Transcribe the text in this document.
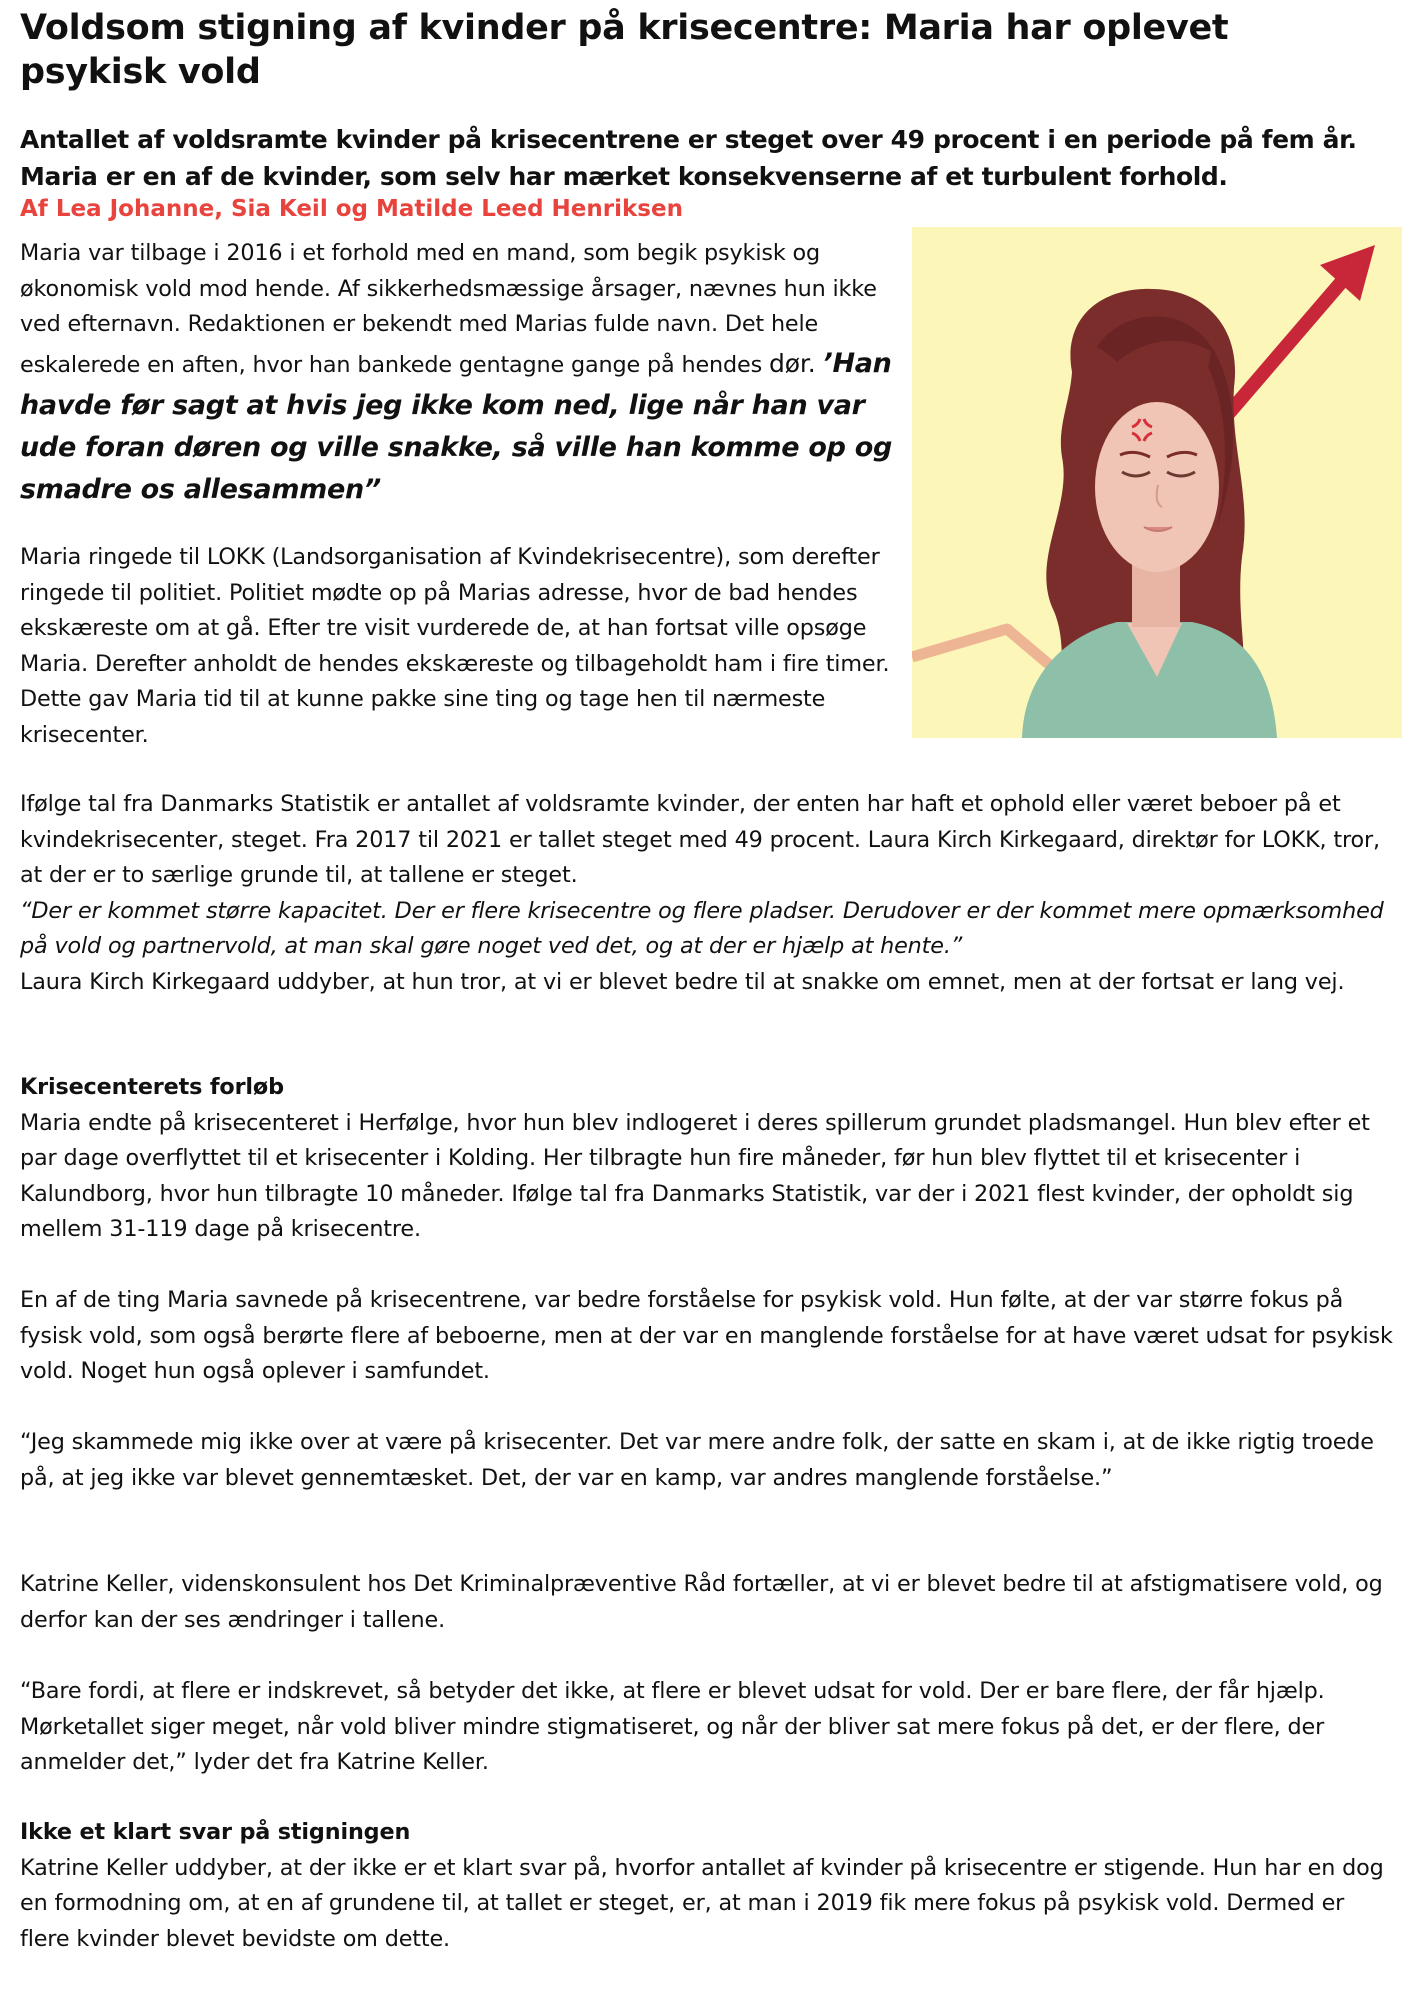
Voldsom stigning af kvinder på krisecentre: Maria har oplevet psykisk vold

Antallet af voldsramte kvinder på krisecentrene er steget over 49 procent i en periode på fem år. Maria er en af de kvinder, som selv har mærket konsekvenserne af et turbulent forhold.

Af Lea Johanne, Sia Keil og Matilde Leed Henriksen

Maria var tilbage i 2016 i et forhold med en mand, som begik psykisk og økonomisk vold mod hende. Af sikkerhedsmæssige årsager, nævnes hun ikke ved efternavn. Redaktionen er bekendt med Marias fulde navn. Det hele eskalerede en aften, hvor han bankede gentagne gange på hendes dør. ’Han havde før sagt at hvis jeg ikke kom ned, lige når han var ude foran døren og ville snakke, så ville han komme op og smadre os allesammen”

Maria ringede til LOKK (Landsorganisation af Kvindekrisecentre), som derefter ringede til politiet. Politiet mødte op på Marias adresse, hvor de bad hendes ekskæreste om at gå. Efter tre visit vurderede de, at han fortsat ville opsøge Maria. Derefter anholdt de hendes ekskæreste og tilbageholdt ham i fire timer. Dette gav Maria tid til at kunne pakke sine ting og tage hen til nærmeste krisecenter.

Ifølge tal fra Danmarks Statistik er antallet af voldsramte kvinder, der enten har haft et ophold eller været beboer på et kvindekrisecenter, steget. Fra 2017 til 2021 er tallet steget med 49 procent. Laura Kirch Kirkegaard, direktør for LOKK, tror, at der er to særlige grunde til, at tallene er steget.
“Der er kommet større kapacitet. Der er flere krisecentre og flere pladser. Derudover er der kommet mere opmærksomhed på vold og partnervold, at man skal gøre noget ved det, og at der er hjælp at hente.”
Laura Kirch Kirkegaard uddyber, at hun tror, at vi er blevet bedre til at snakke om emnet, men at der fortsat er lang vej.
Krisecenterets forløb
Maria endte på krisecenteret i Herfølge, hvor hun blev indlogeret i deres spillerum grundet pladsmangel. Hun blev efter et par dage overflyttet til et krisecenter i Kolding. Her tilbragte hun fire måneder, før hun blev flyttet til et krisecenter i Kalundborg, hvor hun tilbragte 10 måneder. Ifølge tal fra Danmarks Statistik, var der i 2021 flest kvinder, der opholdt sig mellem 31-119 dage på krisecentre.

En af de ting Maria savnede på krisecentrene, var bedre forståelse for psykisk vold. Hun følte, at der var større fokus på fysisk vold, som også berørte flere af beboerne, men at der var en manglende forståelse for at have været udsat for psykisk vold. Noget hun også oplever i samfundet.

“Jeg skammede mig ikke over at være på krisecenter. Det var mere andre folk, der satte en skam i, at de ikke rigtig troede på, at jeg ikke var blevet gennemtæsket. Det, der var en kamp, var andres manglende forståelse.”

Katrine Keller, videnskonsulent hos Det Kriminalpræventive Råd fortæller, at vi er blevet bedre til at afstigmatisere vold, og derfor kan der ses ændringer i tallene.

“Bare fordi, at flere er indskrevet, så betyder det ikke, at flere er blevet udsat for vold. Der er bare flere, der får hjælp. Mørketallet siger meget, når vold bliver mindre stigmatiseret, og når der bliver sat mere fokus på det, er der flere, der anmelder det,” lyder det fra Katrine Keller.

Ikke et klart svar på stigningen
Katrine Keller uddyber, at der ikke er et klart svar på, hvorfor antallet af kvinder på krisecentre er stigende. Hun har en dog en formodning om, at en af grundene til, at tallet er steget, er, at man i 2019 fik mere fokus på psykisk vold. Dermed er flere kvinder blevet bevidste om dette.
